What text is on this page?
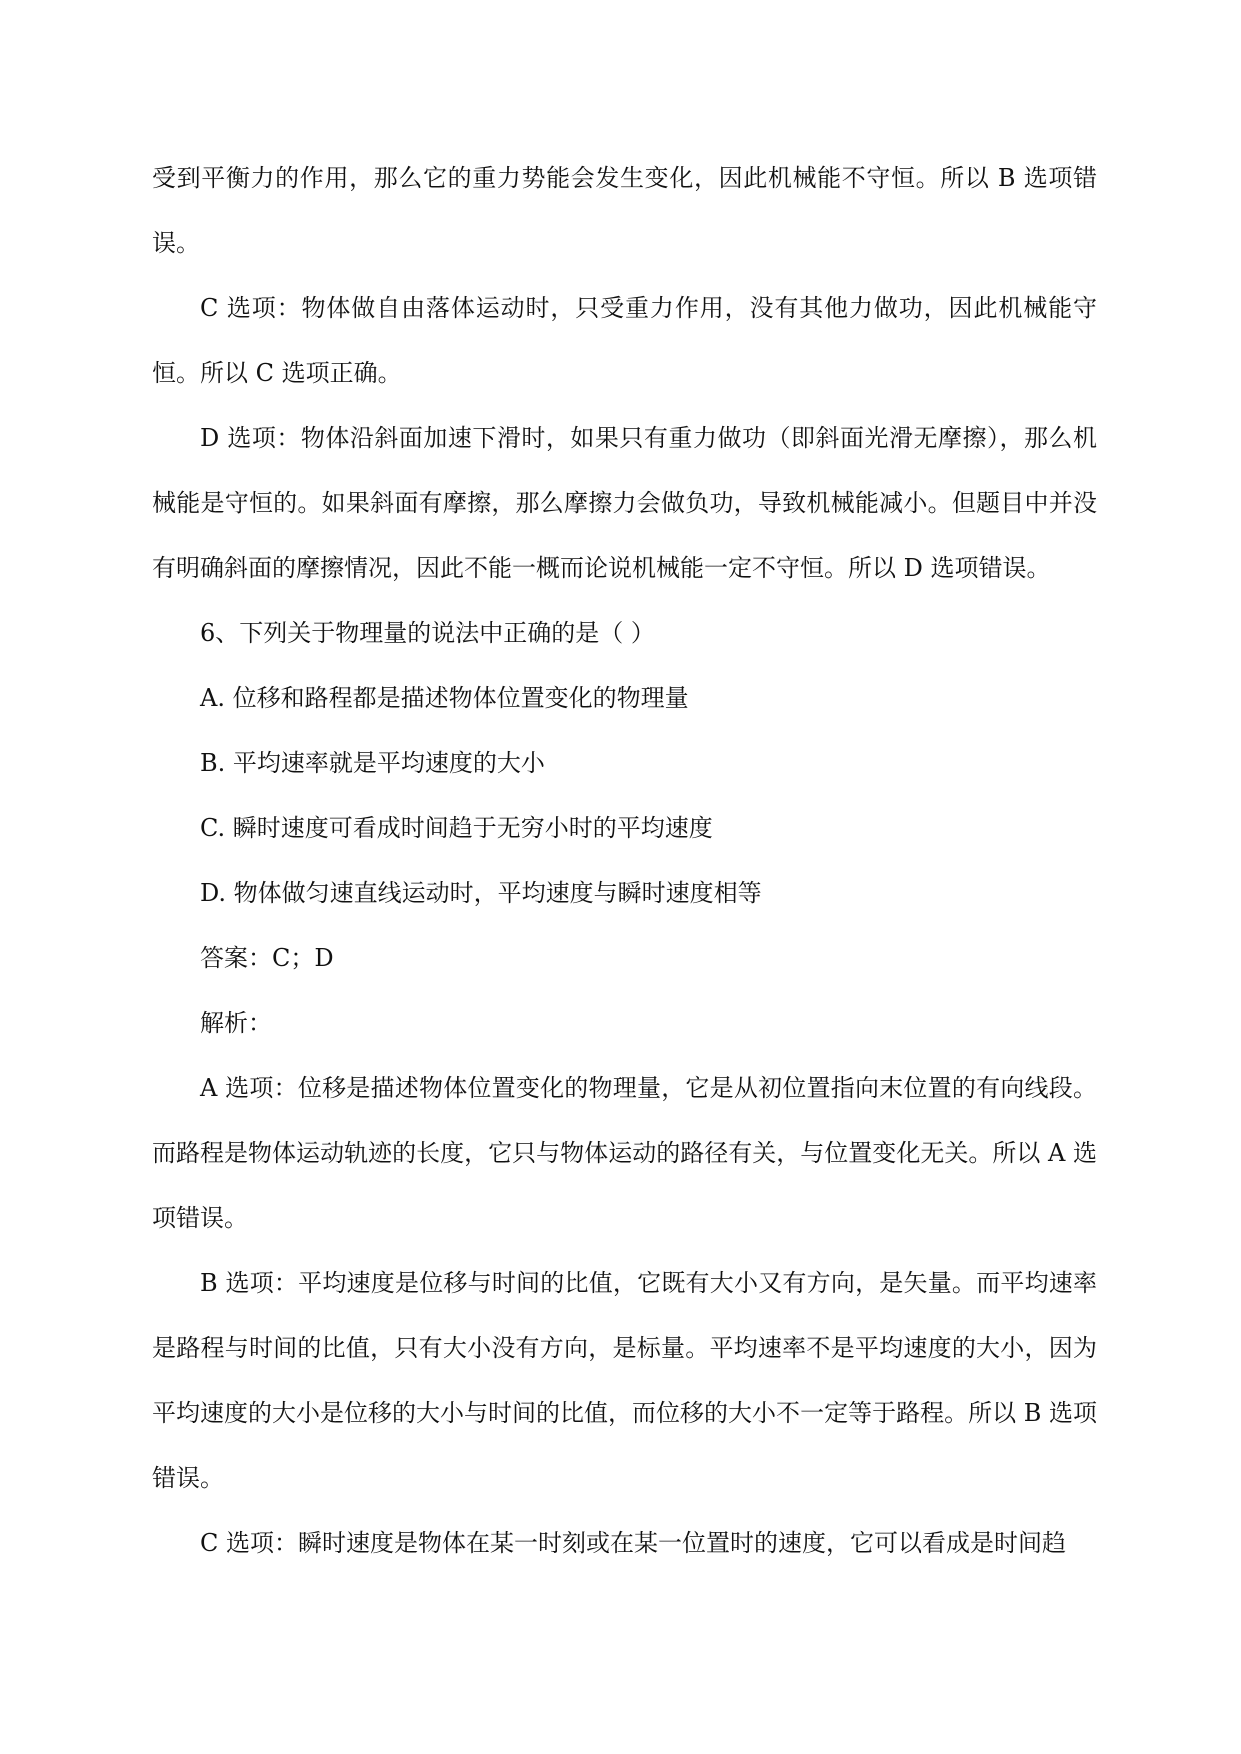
受到平衡力的作用，那么它的重力势能会发生变化，因此机械能不守恒。所以 B 选项错误。

C 选项：物体做自由落体运动时，只受重力作用，没有其他力做功，因此机械能守恒。所以 C 选项正确。

D 选项：物体沿斜面加速下滑时，如果只有重力做功（即斜面光滑无摩擦），那么机械能是守恒的。如果斜面有摩擦，那么摩擦力会做负功，导致机械能减小。但题目中并没有明确斜面的摩擦情况，因此不能一概而论说机械能一定不守恒。所以 D 选项错误。

6、下列关于物理量的说法中正确的是（ ）

A. 位移和路程都是描述物体位置变化的物理量

B. 平均速率就是平均速度的大小

C. 瞬时速度可看成时间趋于无穷小时的平均速度

D. 物体做匀速直线运动时，平均速度与瞬时速度相等

答案：C；D

解析：

A 选项：位移是描述物体位置变化的物理量，它是从初位置指向末位置的有向线段。而路程是物体运动轨迹的长度，它只与物体运动的路径有关，与位置变化无关。所以 A 选项错误。

B 选项：平均速度是位移与时间的比值，它既有大小又有方向，是矢量。而平均速率是路程与时间的比值，只有大小没有方向，是标量。平均速率不是平均速度的大小，因为平均速度的大小是位移的大小与时间的比值，而位移的大小不一定等于路程。所以 B 选项错误。

C 选项：瞬时速度是物体在某一时刻或在某一位置时的速度，它可以看成是时间趋
